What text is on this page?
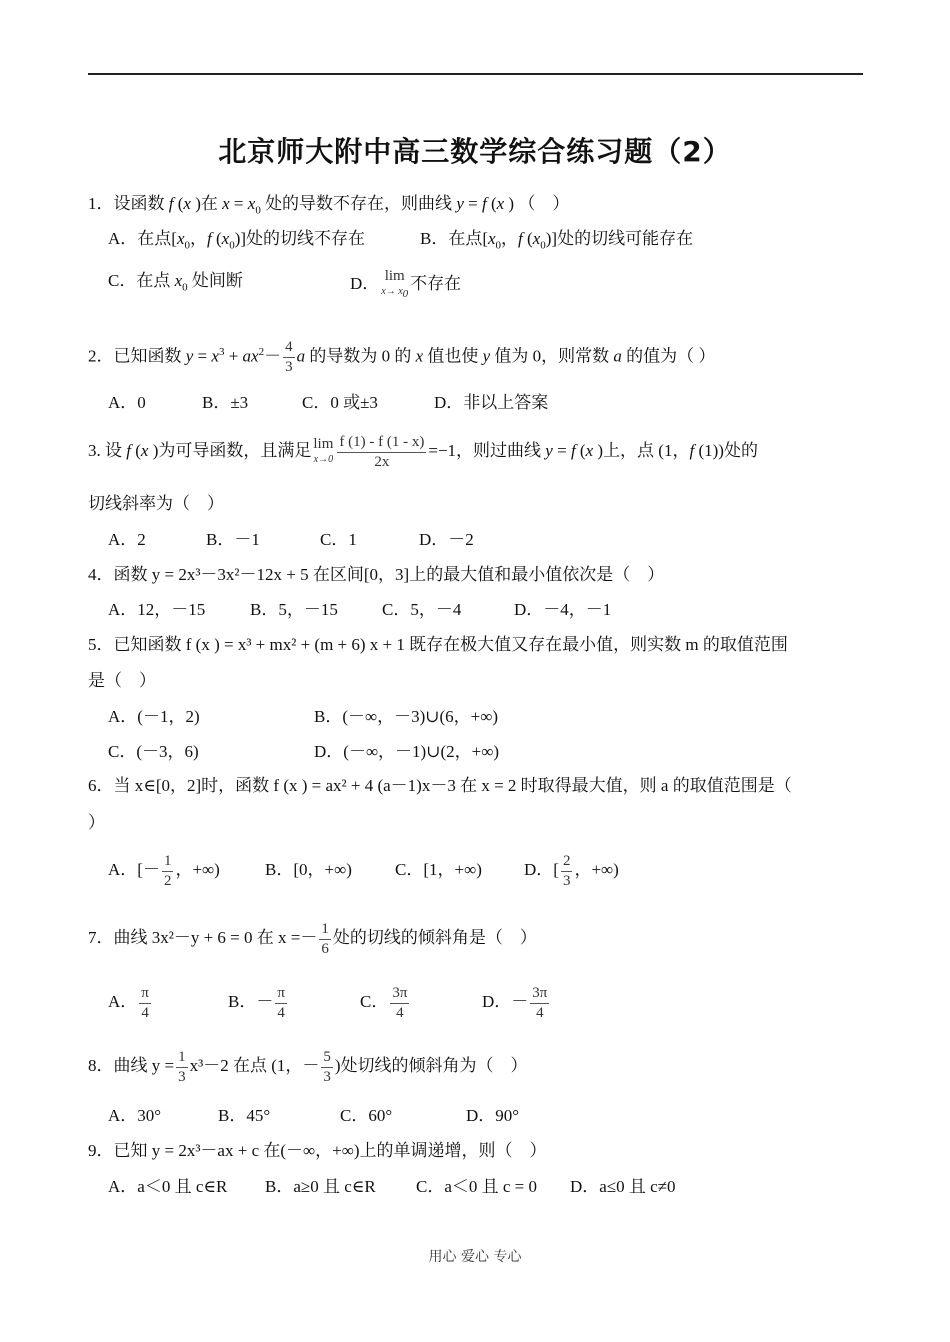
北京师大附中高三数学综合练习题（2）
1．设函数 f (x )在 $x = x_0$ 处的导数不存在，则曲线 y = f (x ) （　）
A．在点[$x_0$，f $(x_0)$]处的切线不存在	B．在点[$x_0$，f $(x_0)$]处的切线可能存在
C．在点 $x_0$ 处间断	D． lim
$x\to x_0$
不存在
2．已知函数 $y = x^3 + ax^2- \frac{4}{3}$ a 的导数为 0 的 x 值也使 y 值为 0，则常数 a 的值为（ ）
A．0	B．±3	C．0 或±3	D．非以上答案
3. 设 f (x )为可导函数，且满足 lim
$x\to 0 \frac{f (1) - f (1 - x)}{2x} =-1$，则过曲线 y = f (x )上，点 (1，f (1))处的
切线斜率为（　）
A．2	B．－1	C．1	D．－2
4．函数 y = 2x³－3x²－12x + 5 在区间[0，3]上的最大值和最小值依次是（　）
A．12，－15	B．5，－15	C．5，－4	D．－4，－1
5．已知函数 f (x ) = x³ + mx² + (m + 6) x + 1 既存在极大值又存在最小值，则实数 m 的取值范围
是（　）
A．(－1，2)	B．(－∞，－3)∪(6，+∞)
C．(－3，6)	D．(－∞，－1)∪(2，+∞)
6．当 x∈[0，2]时，函数 f (x ) = ax² + 4 (a－1)x－3 在 x = 2 时取得最大值，则 a 的取值范围是（
）
A．[－ $\frac{1}{2}$ ，+∞)	B．[0，+∞)	C．[1，+∞) D．[ $\frac{2}{3}$ ，+∞)
7．曲线 3x²－y + 6 = 0 在 $x =- \frac{1}{6}$ 处的切线的倾斜角是（　）
A． $\frac{\pi}{4}$	B．－ $\frac{\pi}{4}$	C． $\frac{3\pi}{4}$	D．－ $\frac{3\pi}{4}$
8．曲线 $y = \frac{1}{3} x^3-2$ 在点 (1，－ $\frac{5}{3}$ )处切线的倾斜角为（　）
A．30°	B．45°	C．60°	D．90°
9．已知 y = 2x³－ax + c 在(－∞，+∞)上的单调递增，则（　）
A．a＜0 且 c∈R B．a≥0 且 c∈R C．a＜0 且 c = 0 D．a≤0 且 c≠0
用心 爱心 专心
